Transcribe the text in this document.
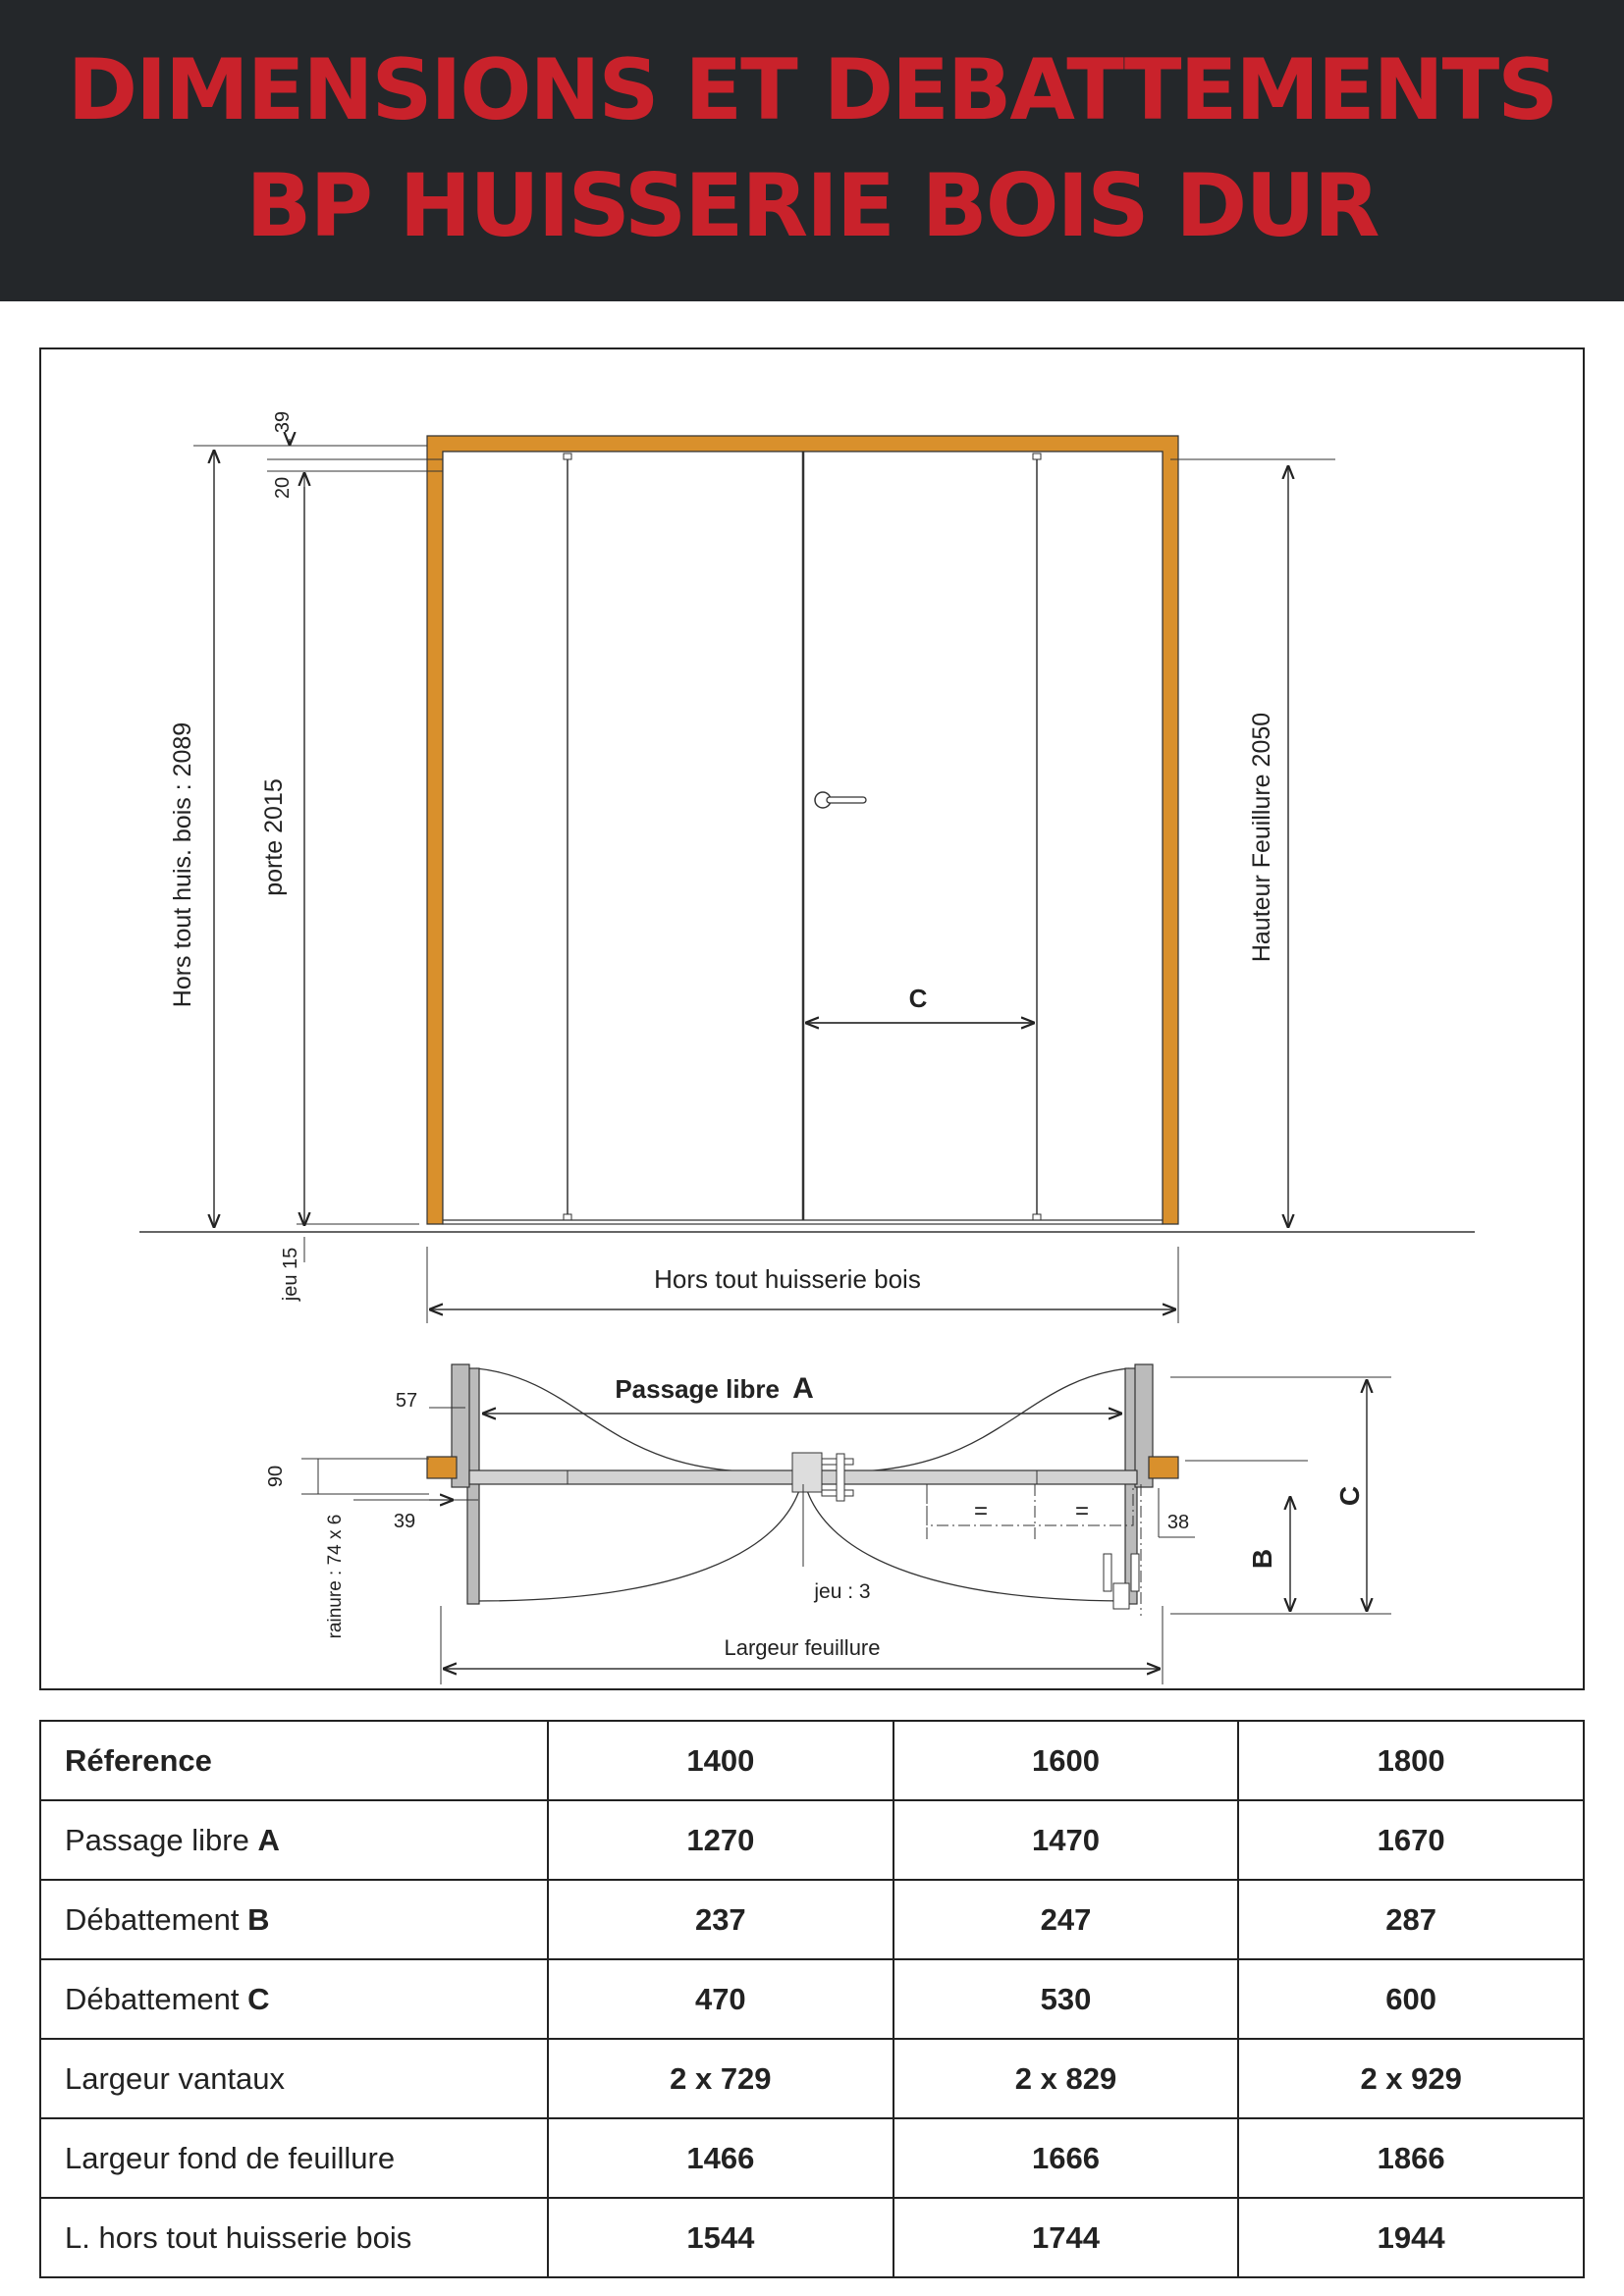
DIMENSIONS ET DEBATTEMENTS
BP HUISSERIE BOIS DUR
39
20
Hors tout huis. bois : 2089	porte 2015	Hauteur Feuillure 2050
jeu 15
C
Hors tout huisserie bois
=	=
Passage libre A
57
90
39
rainure : 74 x 6	38
jeu : 3
Largeur feuillure
C
B
Réference	1400	1600	1800
Passage libre A	1270	1470	1670
Débattement B	237	247	287
Débattement C	470	530	600
Largeur vantaux	2 x 729	2 x 829	2 x 929
Largeur fond de feuillure	1466	1666	1866
L. hors tout huisserie bois	1544	1744	1944
